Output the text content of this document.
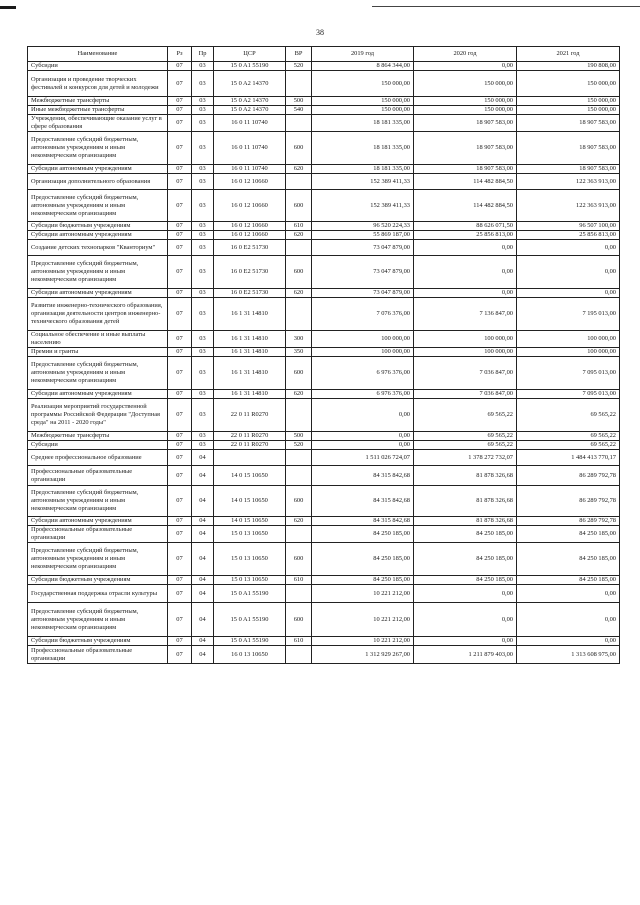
38
Наименование	Рз	Пр	ЦСР	ВР	2019 год	2020 год	2021 год
Субсидии	07	03	15 0 A1 55190	520	8 864 344,00	0,00	190 808,00
Организация и проведение творческих фестивалей и конкурсов для детей и молодежи	07	03	15 0 A2 14370		150 000,00	150 000,00	150 000,00
Межбюджетные трансферты	07	03	15 0 A2 14370	500	150 000,00	150 000,00	150 000,00
Иные межбюджетные трансферты	07	03	15 0 A2 14370	540	150 000,00	150 000,00	150 000,00
Учреждения, обеспечивающие оказание услуг в сфере образования	07	03	16 0 11 10740		18 181 335,00	18 907 583,00	18 907 583,00
Предоставление субсидий бюджетным, автономным учреждениям и иным некоммерческим организациям	07	03	16 0 11 10740	600	18 181 335,00	18 907 583,00	18 907 583,00
Субсидии автономным учреждениям	07	03	16 0 11 10740	620	18 181 335,00	18 907 583,00	18 907 583,00
Организация дополнительного образования	07	03	16 0 12 10660		152 389 411,33	114 482 884,50	122 363 913,00
Предоставление субсидий бюджетным, автономным учреждениям и иным некоммерческим организациям	07	03	16 0 12 10660	600	152 389 411,33	114 482 884,50	122 363 913,00
Субсидии бюджетным учреждениям	07	03	16 0 12 10660	610	96 520 224,33	88 626 071,50	96 507 100,00
Субсидии автономным учреждениям	07	03	16 0 12 10660	620	55 869 187,00	25 856 813,00	25 856 813,00
Создание детских технопарков "Кванториум"	07	03	16 0 E2 51730		73 047 879,00	0,00	0,00
Предоставление субсидий бюджетным, автономным учреждениям и иным некоммерческим организациям	07	03	16 0 E2 51730	600	73 047 879,00	0,00	0,00
Субсидии автономным учреждениям	07	03	16 0 E2 51730	620	73 047 879,00	0,00	0,00
Развитие инженерно-технического образования, организация деятельности центров инженерно-технического образования детей	07	03	16 1 31 14810		7 076 376,00	7 136 847,00	7 195 013,00
Социальное обеспечение и иные выплаты населению	07	03	16 1 31 14810	300	100 000,00	100 000,00	100 000,00
Премии и гранты	07	03	16 1 31 14810	350	100 000,00	100 000,00	100 000,00
Предоставление субсидий бюджетным, автономным учреждениям и иным некоммерческим организациям	07	03	16 1 31 14810	600	6 976 376,00	7 036 847,00	7 095 013,00
Субсидии автономным учреждениям	07	03	16 1 31 14810	620	6 976 376,00	7 036 847,00	7 095 013,00
Реализация мероприятий государственной программы Российской Федерации "Доступная среда" на 2011 - 2020 годы"	07	03	22 0 11 R0270		0,00	69 565,22	69 565,22
Межбюджетные трансферты	07	03	22 0 11 R0270	500	0,00	69 565,22	69 565,22
Субсидии	07	03	22 0 11 R0270	520	0,00	69 565,22	69 565,22
Среднее профессиональное образование	07	04			1 511 026 724,07	1 378 272 732,07	1 484 413 770,17
Профессиональные образовательные организации	07	04	14 0 15 10650		84 315 842,68	81 878 326,68	86 289 792,78
Предоставление субсидий бюджетным, автономным учреждениям и иным некоммерческим организациям	07	04	14 0 15 10650	600	84 315 842,68	81 878 326,68	86 289 792,78
Субсидии автономным учреждениям	07	04	14 0 15 10650	620	84 315 842,68	81 878 326,68	86 289 792,78
Профессиональные образовательные организации	07	04	15 0 13 10650		84 250 185,00	84 250 185,00	84 250 185,00
Предоставление субсидий бюджетным, автономным учреждениям и иным некоммерческим организациям	07	04	15 0 13 10650	600	84 250 185,00	84 250 185,00	84 250 185,00
Субсидии бюджетным учреждениям	07	04	15 0 13 10650	610	84 250 185,00	84 250 185,00	84 250 185,00
Государственная поддержка отрасли культуры	07	04	15 0 A1 55190		10 221 212,00	0,00	0,00
Предоставление субсидий бюджетным, автономным учреждениям и иным некоммерческим организациям	07	04	15 0 A1 55190	600	10 221 212,00	0,00	0,00
Субсидии бюджетным учреждениям	07	04	15 0 A1 55190	610	10 221 212,00	0,00	0,00
Профессиональные образовательные организации	07	04	16 0 13 10650		1 312 929 267,00	1 211 879 403,00	1 313 608 975,00
